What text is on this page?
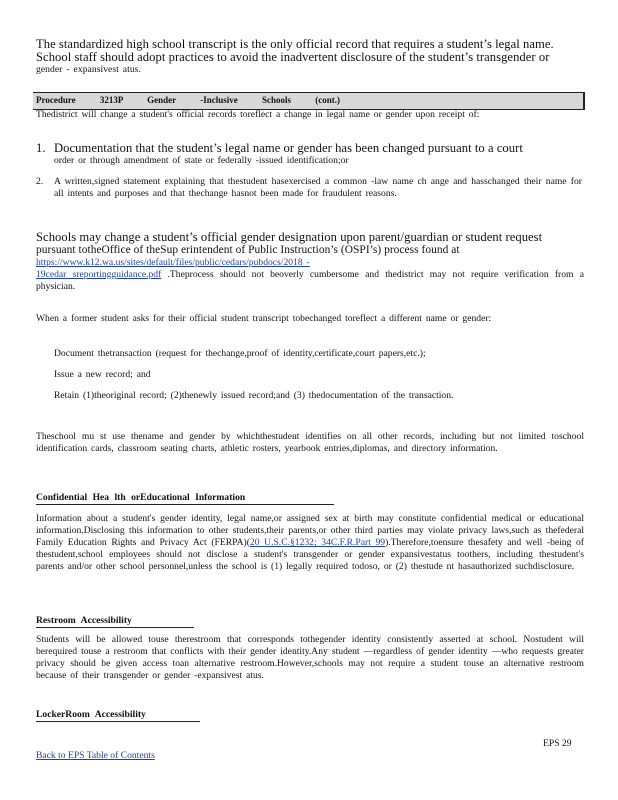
The standardized high school transcript is the only official record that requires a student’s legal name.
School staff should adopt practices to avoid the inadvertent disclosure of the student’s transgender or
gender - expansivest atus.
Procedure 3213P Gender -Inclusive Schools (cont.)
Thedistrict will change a student's official records toreflect a change in legal name or gender upon receipt of:
1. Documentation that the student’s legal name or gender has been changed pursuant to a court
order or through amendment of state or federally -issued identification;or
2. A written,signed statement explaining that thestudent hasexercised a common -law name ch ange and hasschanged their name for all intents and purposes and that thechange hasnot been made for fraudulent reasons.
Schools may change a student’s official gender designation upon parent/guardian or student request
pursuant totheOffice of theSup erintendent of Public Instruction’s (OSPI’s) process found at
https://www.k12.wa.us/sites/default/files/public/cedars/pubdocs/2018 -
19cedar sreportingguidance.pdf .Theprocess should not beoverly cumbersome and thedistrict may not require verification from a physician.
When a former student asks for their official student transcript tobechanged toreflect a different name or gender:
Document thetransaction (request for thechange,proof of identity,certificate,court papers,etc.);
Issue a new record; and
Retain (1)theoriginal record; (2)thenewly issued record;and (3) thedocumentation of the transaction.
Theschool mu st use thename and gender by whichthestudent identifies on all other records, including but not limited toschool identification cards, classroom seating charts, athletic rosters, yearbook entries,diplomas, and directory information.
Confidential Hea lth orEducational Information
Information about a student's gender identity, legal name,or assigned sex at birth may constitute confidential medical or educational information.Disclosing this information to other students,their parents,or other third parties may violate privacy laws,such as thefederal Family Education Rights and Privacy Act (FERPA)(20 U.S.C.§1232; 34C.F.R.Part 99).Therefore,toensure thesafety and well -being of thestudent,school employees should not disclose a student's transgender or gender expansivestatus toothers, including thestudent's parents and/or other school personnel,unless the school is (1) legally required todoso, or (2) thestude nt hasauthorized suchdisclosure.
Restroom Accessibility
Students will be allowed touse therestroom that corresponds tothegender identity consistently asserted at school. Nostudent will berequired touse a restroom that conflicts with their gender identity.Any student —regardless of gender identity —who requests greater privacy should be given access toan alternative restroom.However,schools may not require a student touse an alternative restroom because of their transgender or gender -expansivest atus.
LockerRoom Accessibility
EPS 29
Back to EPS Table of Contents
